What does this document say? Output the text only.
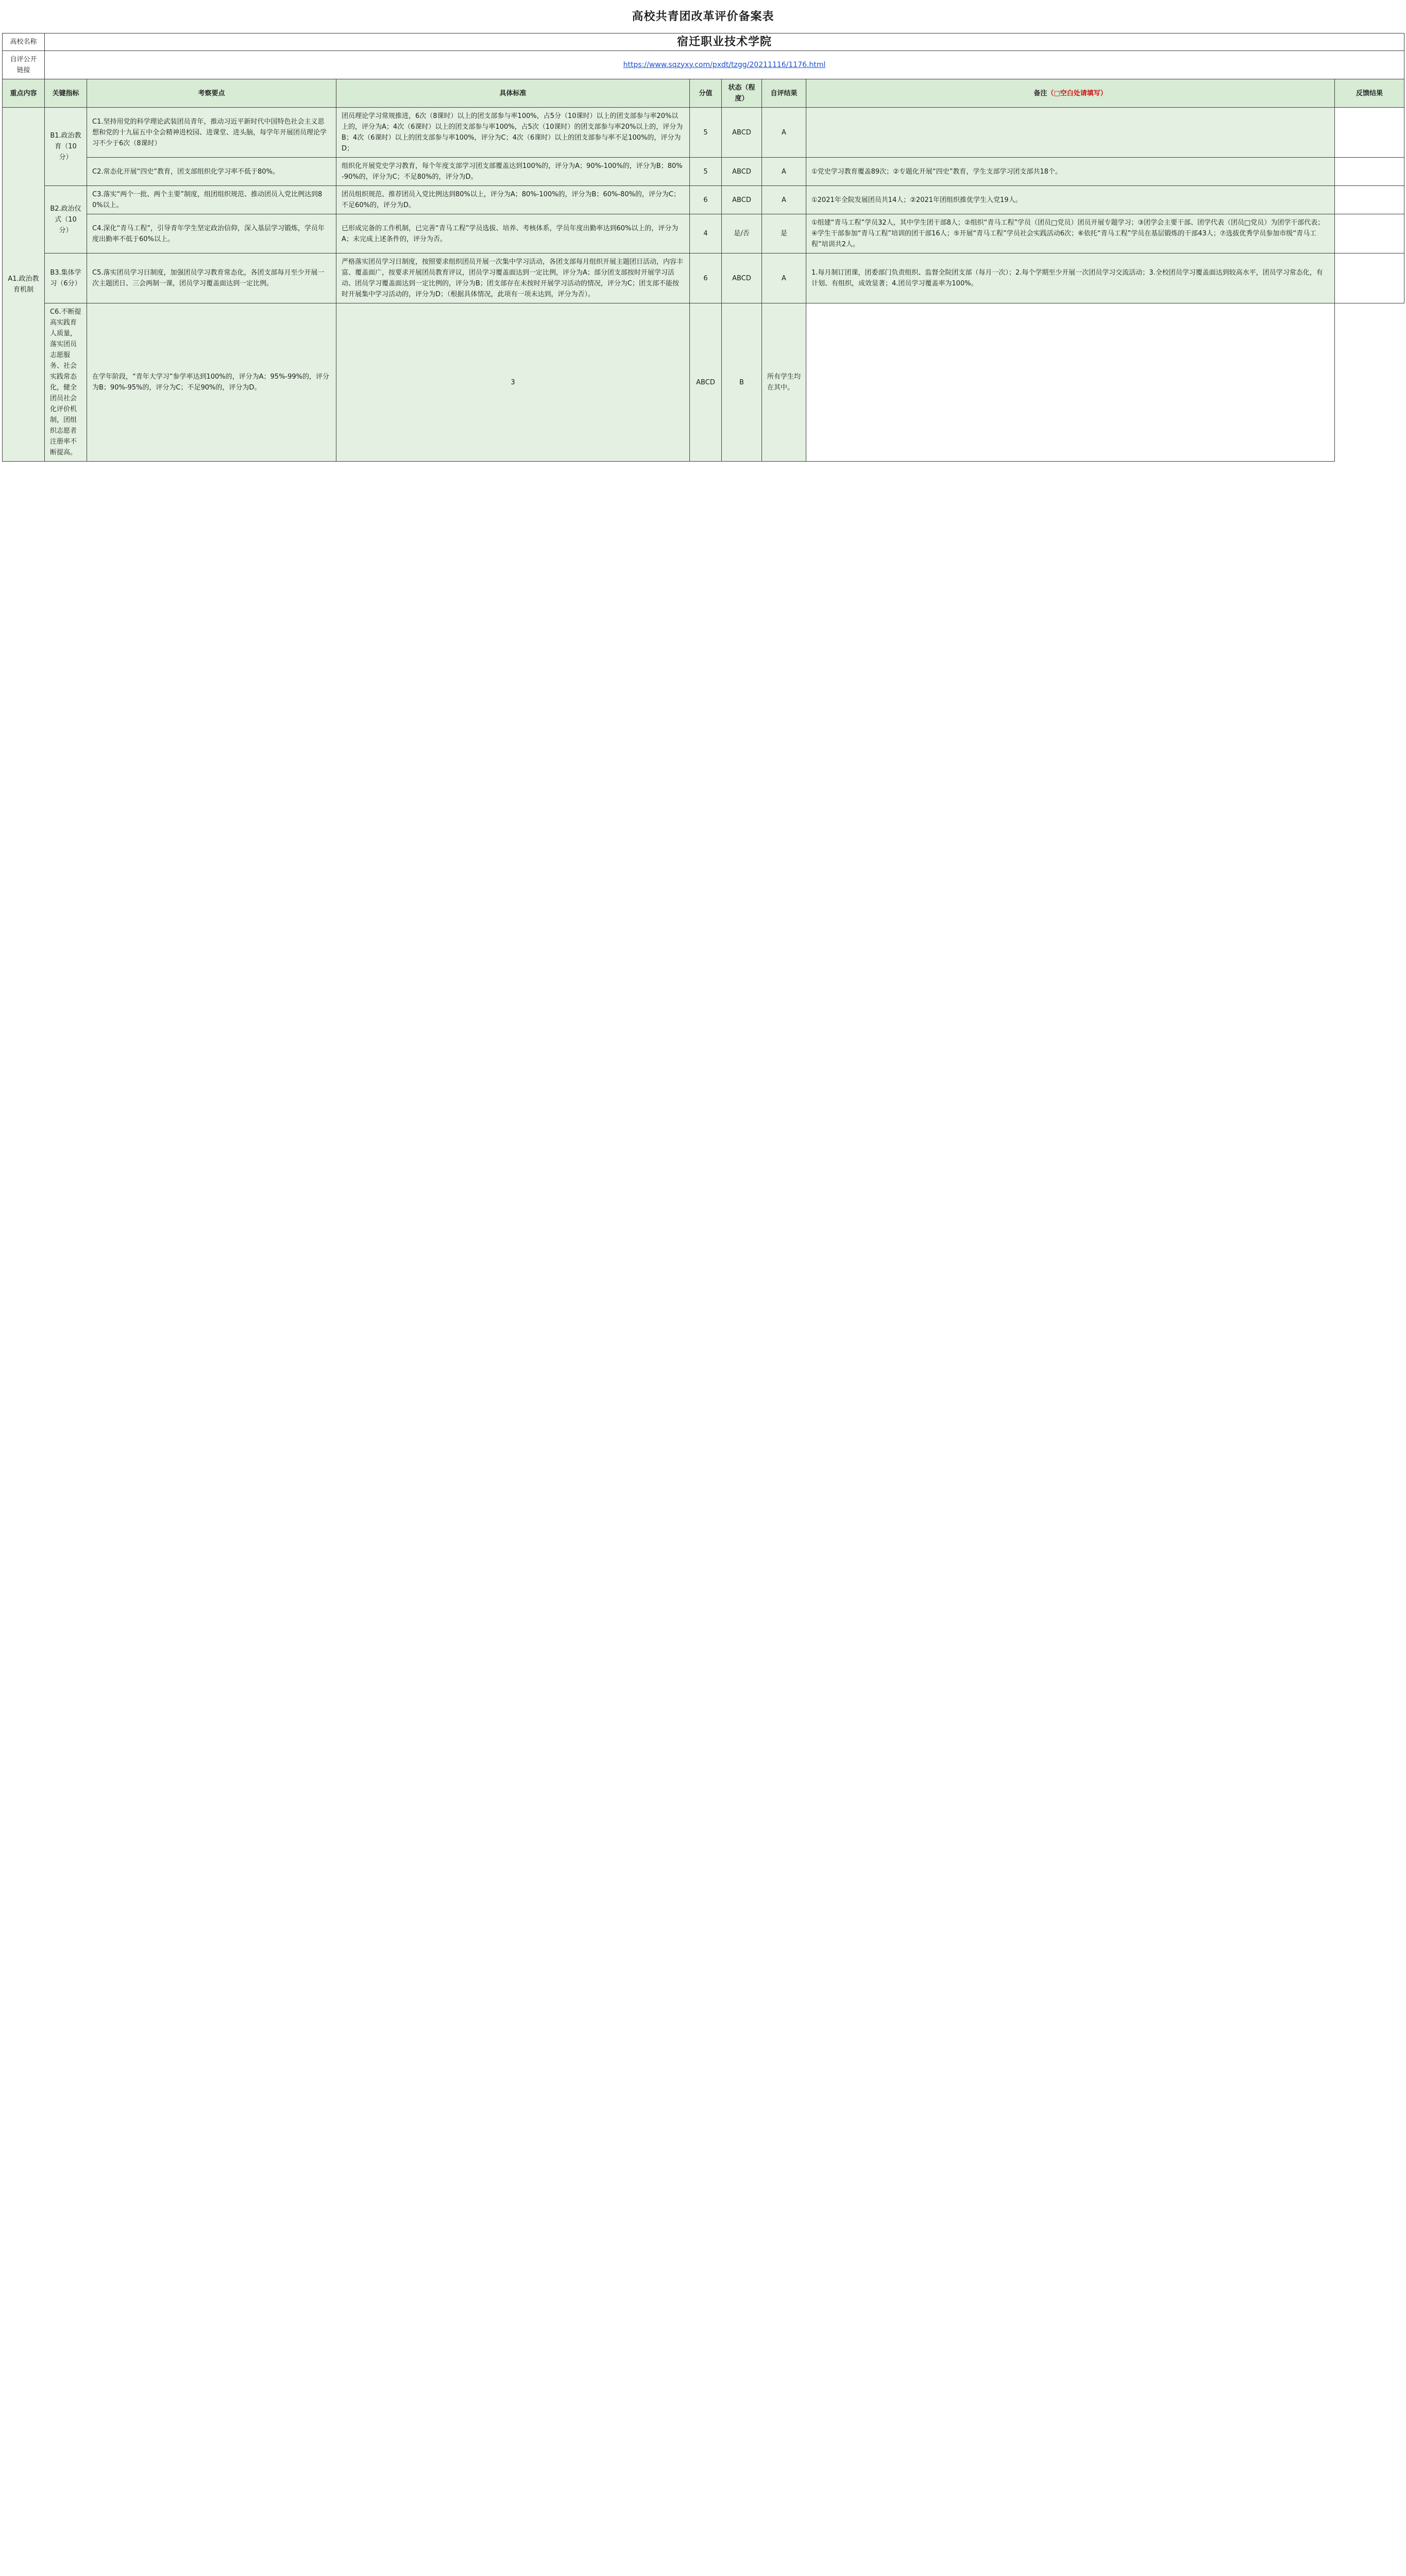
高校共青团改革评价备案表
高校名称	宿迁职业技术学院							
自评公开链接	https://www.sqzyxy.com/pxdt/tzgg/20211116/1176.html							
重点内容	关键指标	考察要点	具体标准	分值	状态（程度）	自评结果	备注（□空白处请填写）	反馈结果
A1.政治教育机制	B1.政治教育（10分）	C1.坚持用党的科学理论武装团员青年，推动习近平新时代中国特色社会主义思想和党的十九届五中全会精神进校园、进课堂、进头脑，每学年开展团员理论学习不少于6次（8课时）	团员理论学习常规推进，6次（8课时）以上的团支部参与率100%，占5分（10课时）以上的团支部参与率20%以上的，评分为A；4次（6课时）以上的团支部参与率100%，占5次（10课时）的团支部参与率20%以上的，评分为B；4次（6课时）以上的团支部参与率100%，评分为C；4次（6课时）以上的团支部参与率不足100%的，评分为D；	5	ABCD	A		
		C2.常态化开展“四史”教育，团支部组织化学习率不低于80%。	组织化开展党史学习教育，每个年度支部学习团支部覆盖达到100%的，评分为A；90%-100%的，评分为B；80%-90%的，评分为C；不足80%的，评分为D。	5	ABCD	A	①党史学习教育覆盖89次；②专题化开展“四史”教育，学生支部学习团支部共18个。	
	B2.政治仪式（10分）	C3.落实“两个一批、两个主要”制度，组团组织规范、推动团员入党比例达到80%以上。	团员组织规范、推荐团员入党比例达到80%以上，评分为A；80%-100%的，评分为B；60%-80%的，评分为C；不足60%的，评分为D。	6	ABCD	A	①2021年全院发展团员共14人；②2021年团组织推优学生入党19人。	
		C4.深化“青马工程”，引导青年学生坚定政治信仰，深入基层学习锻炼，学员年度出勤率不低于60%以上。	已形成完备的工作机制，已完善“青马工程”学员选拔、培养、考核体系，学员年度出勤率达到60%以上的，评分为A；未完成上述条件的，评分为否。	4	是/否	是	①组建“青马工程”学员32人，其中学生团干部8人；②组织“青马工程”学员（团员□党员）团员开展专题学习；③团学会主要干部、团学代表（团员□党员）为团学干部代表；④学生干部参加“青马工程”培训的团干部16人；⑤开展“青马工程”学员社会实践活动6次；⑥依托“青马工程”学员在基层锻炼的干部43人；⑦选拔优秀学员参加市级“青马工程”培训共2人。	
	B3.集体学习（6分）	C5.落实团员学习日制度，加强团员学习教育常态化，各团支部每月至少开展一次主题团日、三会两制一课，团员学习覆盖面达到一定比例。	严格落实团员学习日制度，按照要求组织团员开展一次集中学习活动，各团支部每月组织开展主题团日活动，内容丰富、覆盖面广，按要求开展团员教育评议，团员学习覆盖面达到一定比例，评分为A；部分团支部按时开展学习活动、团员学习覆盖面达到一定比例的，评分为B；团支部存在未按时开展学习活动的情况，评分为C；团支部不能按时开展集中学习活动的，评分为D；（根据具体情况，此项有一项未达到，评分为否）。	6	ABCD	A	1.每月制订团课，团委部门负责组织、监督全院团支部（每月一次）；2.每个学期至少开展一次团员学习交流活动；3.全校团员学习覆盖面达到较高水平，团员学习常态化，有计划、有组织，成效显著；4.团员学习覆盖率为100%。	
	C6.不断提高实践育人质量，落实团员志愿服务、社会实践常态化，健全团员社会化评价机制，团组织志愿者注册率不断提高。	在学年阶段，“青年大学习”参学率达到100%的，评分为A；95%-99%的，评分为B；90%-95%的，评分为C；不足90%的，评分为D。	3	ABCD	B	所有学生均在其中。		
